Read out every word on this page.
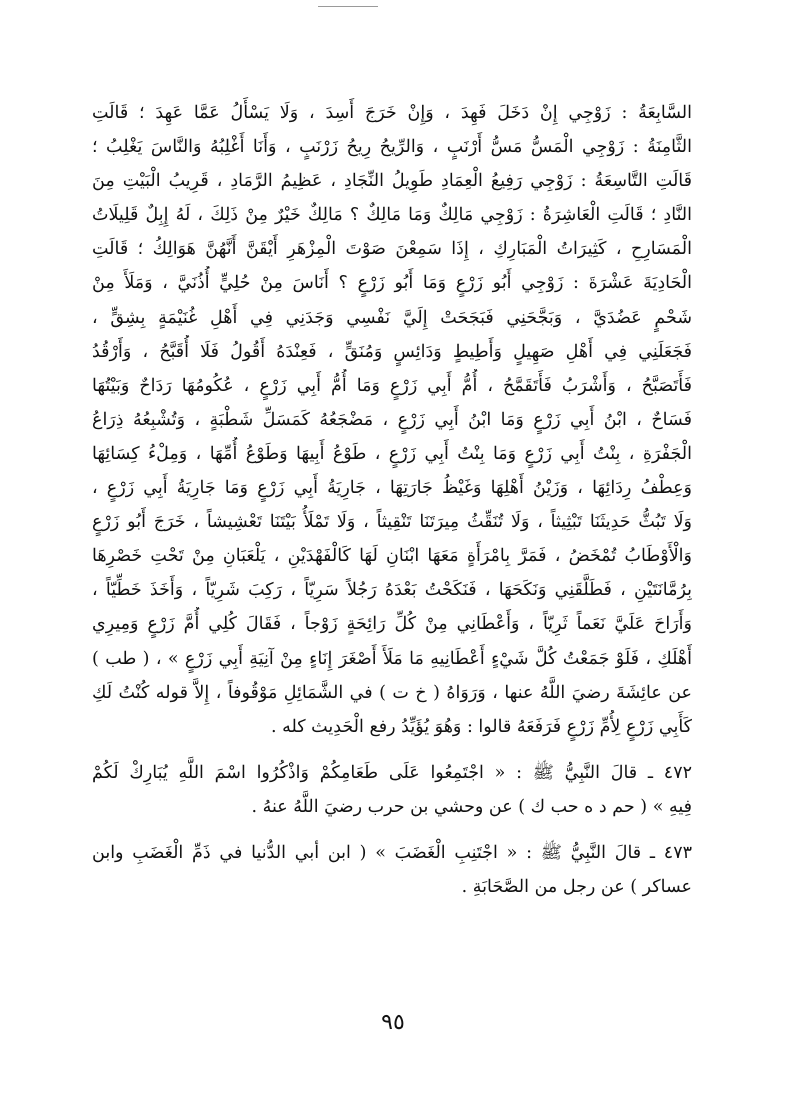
السَّابِعَةُ : زَوْجِي إِنْ دَخَلَ فَهِدَ ، وَإِنْ خَرَجَ أَسِدَ ، وَلَا يَسْأَلُ عَمَّا عَهِدَ ؛ قَالَتِ
الثَّامِنَةُ : زَوْجِي الْمَسُّ مَسُّ أَرْنَبٍ ، وَالرِّيحُ رِيحُ زَرْنَبٍ ، وَأَنَا أَغْلِبُهُ وَالنَّاسَ يَغْلِبُ ؛
قَالَتِ التَّاسِعَةُ : زَوْجِي رَفِيعُ الْعِمَادِ طَوِيلُ النِّجَادِ ، عَظِيمُ الرَّمَادِ ، قَرِيبُ الْبَيْتِ مِنَ
النَّادِ ؛ قَالَتِ الْعَاشِرَةُ : زَوْجِي مَالِكٌ وَمَا مَالِكٌ ؟ مَالِكٌ خَيْرٌ مِنْ ذَلِكَ ، لَهُ إِبِلٌ قَلِيلَاتُ
الْمَسَارِحِ ، كَثِيرَاتُ الْمَبَارِكِ ، إِذَا سَمِعْنَ صَوْتَ الْمِزْهَرِ أَيْقَنَّ أَنَّهُنَّ هَوَالِكُ ؛ قَالَتِ
الْحَادِيَةَ عَشْرَةَ : زَوْجِي أَبُو زَرْعٍ وَمَا أَبُو زَرْعٍ ؟ أَنَاسَ مِنْ حُلِيٍّ أُذُنَيَّ ، وَمَلَأَ مِنْ
شَحْمٍ عَضُدَيَّ ، وَبَجَّحَنِي فَبَجَحَتْ إِلَيَّ نَفْسِي وَجَدَنِي فِي أَهْلِ غُنَيْمَةٍ بِشِقٍّ ،
فَجَعَلَنِي فِي أَهْلِ صَهِيلٍ وَأَطِيطٍ وَدَائِسٍ وَمُنَقٍّ ، فَعِنْدَهُ أَقُولُ فَلَا أُقَبَّحُ ، وَأَرْقُدُ
فَأَتَصَبَّحُ ، وَأَشْرَبُ فَأَتَقَمَّحُ ، أُمُّ أَبِي زَرْعٍ وَمَا أُمُّ أَبِي زَرْعٍ ، عُكُومُهَا رَدَاحٌ وَبَيْتُهَا
فَسَاحٌ ، ابْنُ أَبِي زَرْعٍ وَمَا ابْنُ أَبِي زَرْعٍ ، مَضْجَعُهُ كَمَسَلِّ شَطْبَةٍ ، وَتُشْبِعُهُ ذِرَاعُ
الْجَفْرَةِ ، بِنْتُ أَبِي زَرْعٍ وَمَا بِنْتُ أَبِي زَرْعٍ ، طَوْعُ أَبِيهَا وَطَوْعُ أُمِّهَا ، وَمِلْءُ كِسَائِهَا
وَعِطْفُ رِدَائِهَا ، وَزَيْنُ أَهْلِهَا وَغَيْظُ جَارَتِهَا ، جَارِيَةُ أَبِي زَرْعٍ وَمَا جَارِيَةُ أَبِي زَرْعٍ ،
وَلَا تَبُثُّ حَدِيثَنَا تَبْثِيثاً ، وَلَا تُنَقِّثُ مِيرَتَنَا تَنْقِيثاً ، وَلَا تَمْلَأُ بَيْتَنَا تَعْشِيشاً ، خَرَجَ أَبُو زَرْعٍ
وَالْأَوْطَابُ تُمْخَضُ ، فَمَرَّ بِامْرَأَةٍ مَعَهَا ابْنَانِ لَهَا كَالْفَهْدَيْنِ ، يَلْعَبَانِ مِنْ تَحْتِ خَصْرِهَا
بِرُمَّانَتَيْنِ ، فَطَلَّقَنِي وَنَكَحَهَا ، فَنَكَحْتُ بَعْدَهُ رَجُلاً سَرِيّاً ، رَكِبَ شَرِيّاً ، وَأَخَذَ خَطِّيّاً ،
وَأَرَاحَ عَلَيَّ نَعَماً ثَرِيّاً ، وَأَعْطَانِي مِنْ كُلِّ رَائِحَةٍ زَوْجاً ، فَقَالَ كُلِي أُمَّ زَرْعٍ وَمِيرِي
أَهْلَكِ ، فَلَوْ جَمَعْتُ كُلَّ شَيْءٍ أَعْطَانِيهِ مَا مَلَأَ أَصْغَرَ إِنَاءٍ مِنْ آنِيَةِ أَبِي زَرْعٍ » ، ( طب )
عن عائِشَةَ رضيَ اللَّهُ عنها ، وَرَوَاهُ ( خ ت ) في الشَّمَائِلِ مَوْقُوفاً ، إِلاَّ قوله كُنْتُ لَكِ
كَأَبِي زَرْعٍ لِأُمِّ زَرْعٍ فَرَفَعَهُ قالوا : وَهُوَ يُؤَيِّدُ رفع الْحَدِيث كله .
٤٧٢ ـ قالَ النَّبِيُّ ﷺ : « اجْتَمِعُوا عَلَى طَعَامِكُمْ وَاذْكُرُوا اسْمَ اللَّهِ يُبَارِكْ لَكُمْ
فِيهِ » ( حم د ه حب ك ) عن وحشي بن حرب رضيَ اللَّهُ عنهُ .
٤٧٣ ـ قالَ النَّبِيُّ ﷺ : « اجْتَنِبِ الْغَضَبَ » ( ابن أبي الدُّنيا في ذَمِّ الْغَضَبِ وابن
عساكر ) عن رجل من الصَّحَابَةِ .
٩٥
